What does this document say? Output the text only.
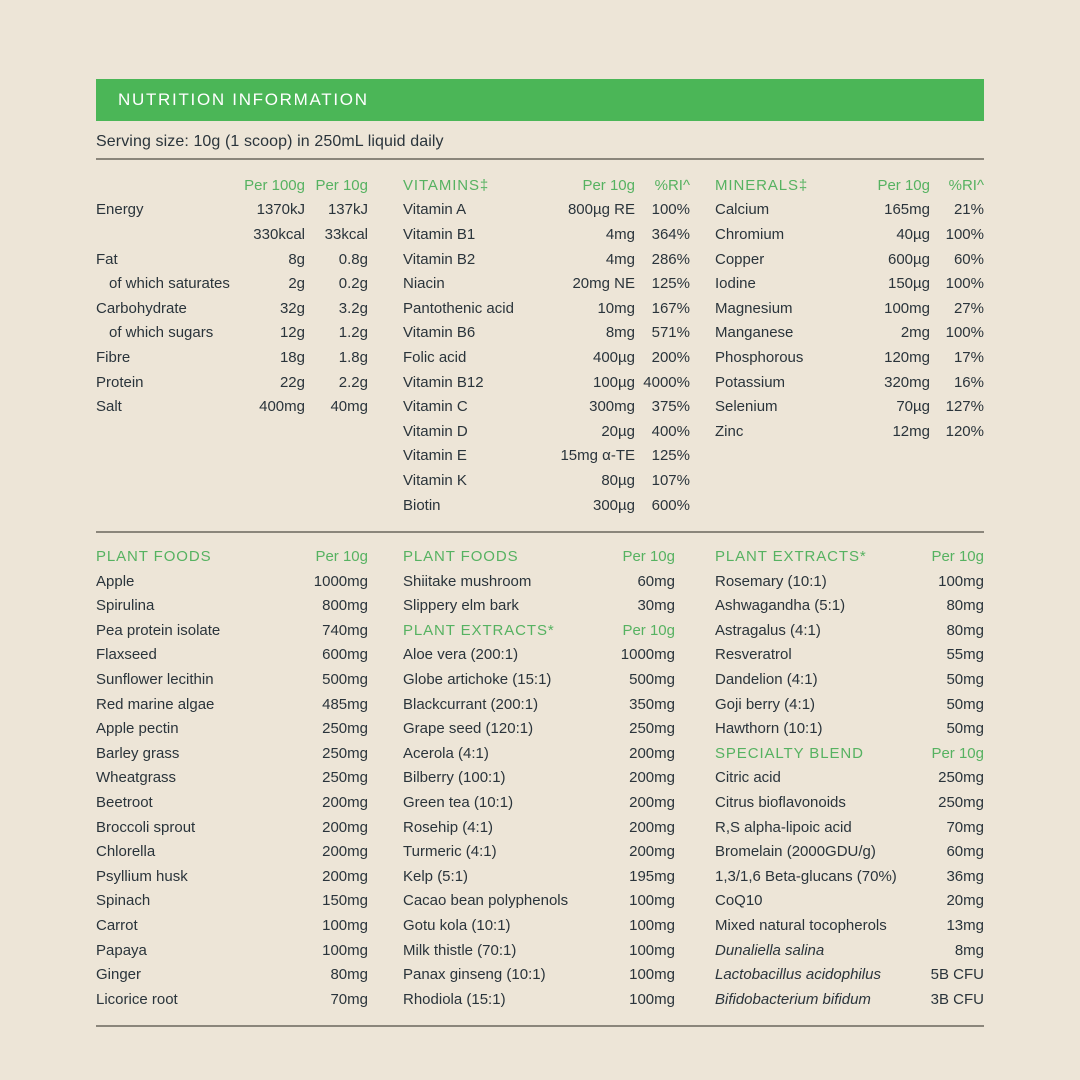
NUTRITION INFORMATION
Serving size: 10g (1 scoop) in 250mL liquid daily
Per 100g Per 10g
Energy	1370kJ	137kJ
330kcal	33kcal
Fat	8g	0.8g
of which saturates	2g	0.2g
Carbohydrate	32g	3.2g
of which sugars	12g	1.2g
Fibre	18g	1.8g
Protein	22g	2.2g
Salt	400mg	40mg
VITAMINS‡	Per 10g	%RI^
Vitamin A	800µg RE	100%
Vitamin B1	4mg	364%
Vitamin B2	4mg	286%
Niacin	20mg NE	125%
Pantothenic acid	10mg	167%
Vitamin B6	8mg	571%
Folic acid	400µg	200%
Vitamin B12	100µg 4000%
Vitamin C	300mg	375%
Vitamin D	20µg	400%
Vitamin E	15mg α-TE	125%
Vitamin K	80µg	107%
Biotin	300µg	600%
MINERALS‡	Per 10g	%RI^
Calcium	165mg	21%
Chromium	40µg	100%
Copper	600µg	60%
Iodine	150µg	100%
Magnesium	100mg	27%
Manganese	2mg	100%
Phosphorous	120mg	17%
Potassium	320mg	16%
Selenium	70µg	127%
Zinc	12mg	120%
PLANT FOODS	Per 10g
Apple	1000mg
Spirulina	800mg
Pea protein isolate	740mg
Flaxseed	600mg
Sunflower lecithin	500mg
Red marine algae	485mg
Apple pectin	250mg
Barley grass	250mg
Wheatgrass	250mg
Beetroot	200mg
Broccoli sprout	200mg
Chlorella	200mg
Psyllium husk	200mg
Spinach	150mg
Carrot	100mg
Papaya	100mg
Ginger	80mg
Licorice root	70mg
PLANT FOODS	Per 10g
Shiitake mushroom	60mg
Slippery elm bark	30mg
PLANT EXTRACTS*	Per 10g
Aloe vera (200:1)	1000mg
Globe artichoke (15:1)	500mg
Blackcurrant (200:1)	350mg
Grape seed (120:1)	250mg
Acerola (4:1)	200mg
Bilberry (100:1)	200mg
Green tea (10:1)	200mg
Rosehip (4:1)	200mg
Turmeric (4:1)	200mg
Kelp (5:1)	195mg
Cacao bean polyphenols	100mg
Gotu kola (10:1)	100mg
Milk thistle (70:1)	100mg
Panax ginseng (10:1)	100mg
Rhodiola (15:1)	100mg
PLANT EXTRACTS*	Per 10g
Rosemary (10:1)	100mg
Ashwagandha (5:1)	80mg
Astragalus (4:1)	80mg
Resveratrol	55mg
Dandelion (4:1)	50mg
Goji berry (4:1)	50mg
Hawthorn (10:1)	50mg
SPECIALTY BLEND	Per 10g
Citric acid	250mg
Citrus bioflavonoids	250mg
R,S alpha-lipoic acid	70mg
Bromelain (2000GDU/g)	60mg
1,3/1,6 Beta-glucans (70%)	36mg
CoQ10	20mg
Mixed natural tocopherols	13mg
Dunaliella salina	8mg
Lactobacillus acidophilus	5B CFU
Bifidobacterium bifidum	3B CFU
